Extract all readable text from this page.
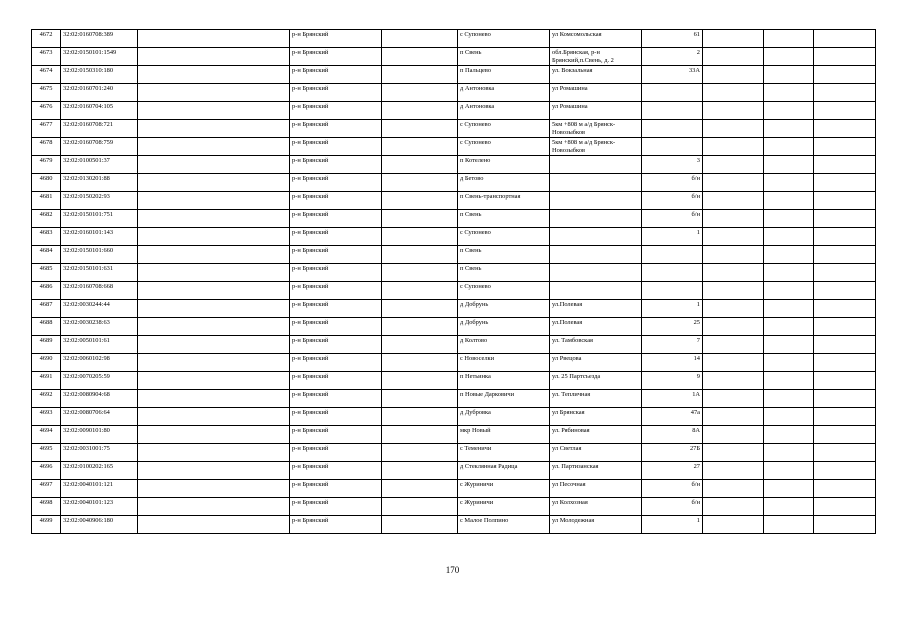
4672	32:02:0160708:389		р-н Брянский		с Супонево	ул Комсомольская	61			
4673	32:02:0150101:1549		р-н Брянский		п Свень	обл.Брянская, р-н Брянский,п.Свень, д. 2	2			
4674	32:02:0150310:180		р-н Брянский		п Пальцево	ул. Вокзальная	33А			
4675	32:02:0160701:240		р-н Брянский		д Антоновка	ул Ромашина				
4676	32:02:0160704:105		р-н Брянский		д Антоновка	ул Ромашина				
4677	32:02:0160708:721		р-н Брянский		с Супонево	5км +808 м а/д Брянск-Новозыбков				
4678	32:02:0160708:759		р-н Брянский		с Супонево	5км +808 м а/д Брянск-Новозыбков				
4679	32:02:0100501:37		р-н Брянский		п Котелено		3			
4680	32:02:0130201:88		р-н Брянский		д Бетово		б/н			
4681	32:02:0150202:93		р-н Брянский		п Свень-транспортная		б/н			
4682	32:02:0150101:751		р-н Брянский		п Свень		б/н			
4683	32:02:0160101:143		р-н Брянский		с Супонево		1			
4684	32:02:0150101:660		р-н Брянский		п Свень					
4685	32:02:0150101:631		р-н Брянский		п Свень					
4686	32:02:0160708:668		р-н Брянский		с Супонево					
4687	32:02:0030244:44		р-н Брянский		д Добрунь	ул.Полевая	1			
4688	32:02:0030238:63		р-н Брянский		д Добрунь	ул.Полевая	25			
4689	32:02:0050101:61		р-н Брянский		д Колтово	ул. Тамбовская	7			
4690	32:02:0060102:98		р-н Брянский		с Новоселки	ул Рвецова	14			
4691	32:02:0070205:59		р-н Брянский		п Нетьинка	ул. 25 Партсъезда	9			
4692	32:02:0080904:68		р-н Брянский		п Новые Дарковичи	ул. Тепличная	1А			
4693	32:02:0080706:64		р-н Брянский		д Дубровка	ул Брянская	47а			
4694	32:02:0090101:80		р-н Брянский		мкр Новый	ул. Рябиновая	8А			
4695	32:02:0031001:75		р-н Брянский		с Теменичи	ул Светлая	27Б			
4696	32:02:0100202:165		р-н Брянский		д Стеклянная Радица	ул. Партизанская	27			
4697	32:02:0040101:121		р-н Брянский		с Журиничи	ул Песочная	б/н			
4698	32:02:0040101:123		р-н Брянский		с Журиничи	ул Колхозная	б/н			
4699	32:02:0040906:180		р-н Брянский		с Малое Полпино	ул Молодежная	1			
170
